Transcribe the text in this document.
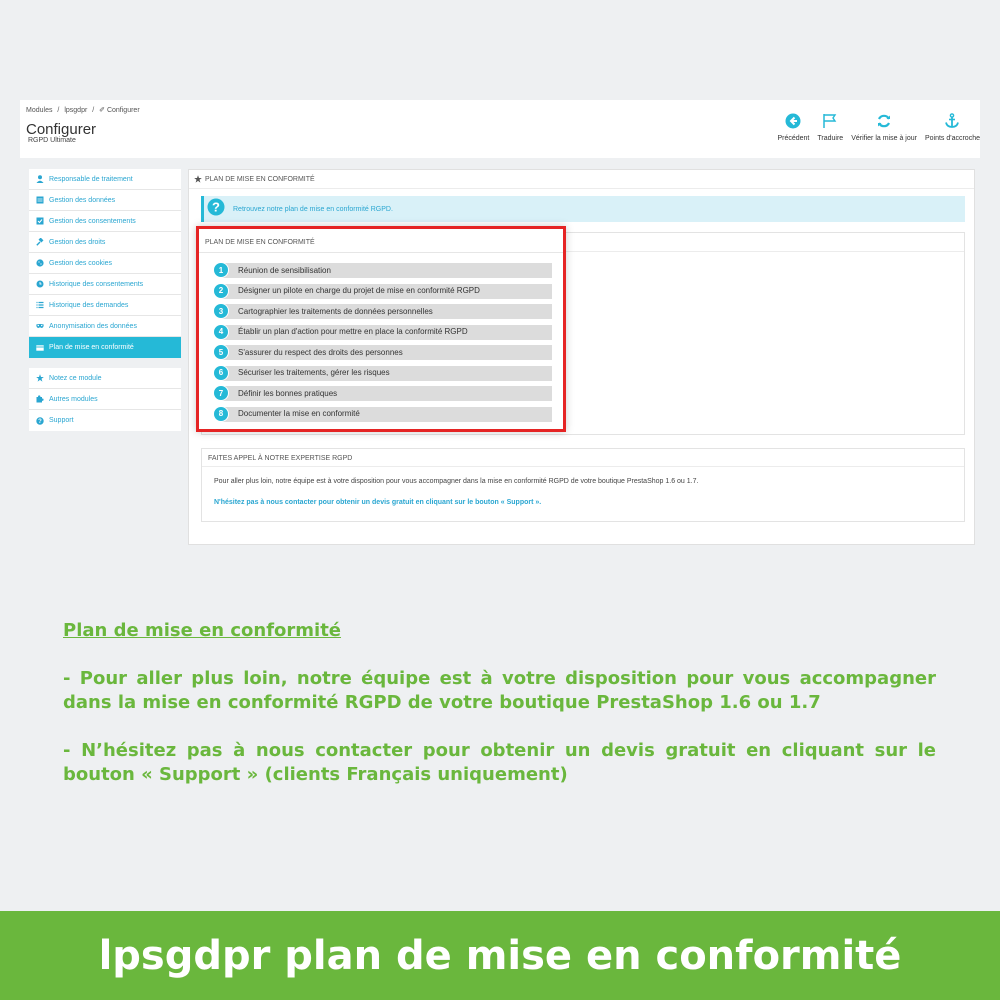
Modules / lpsgdpr / ✐ Configurer
Configurer
RGPD Ultimate	Précédent Traduire Vérifier la mise à jour Points d'accroche
Responsable de traitement
Gestion des données
Gestion des consentements
Gestion des droits
Gestion des cookies
Historique des consentements
Historique des demandes
Anonymisation des données
Plan de mise en conformité
Notez ce module
Autres modules
? Support
PLAN DE MISE EN CONFORMITÉ
? Retrouvez notre plan de mise en conformité RGPD.
FAITES APPEL À NOTRE EXPERTISE RGPD
Pour aller plus loin, notre équipe est à votre disposition pour vous accompagner dans la mise en conformité RGPD de votre boutique PrestaShop 1.6 ou 1.7.
N'hésitez pas à nous contacter pour obtenir un devis gratuit en cliquant sur le bouton « Support ».
PLAN DE MISE EN CONFORMITÉ
1	Réunion de sensibilisation
2	Désigner un pilote en charge du projet de mise en conformité RGPD
3	Cartographier les traitements de données personnelles
4	Établir un plan d'action pour mettre en place la conformité RGPD
5	S'assurer du respect des droits des personnes
6	Sécuriser les traitements, gérer les risques
7	Définir les bonnes pratiques
8	Documenter la mise en conformité
Plan de mise en conformité

- Pour aller plus loin, notre équipe est à votre disposition pour vous accompagner dans la mise en conformité RGPD de votre boutique PrestaShop 1.6 ou 1.7

- N’hésitez pas à nous contacter pour obtenir un devis gratuit en cliquant sur le bouton « Support » (clients Français uniquement)

lpsgdpr plan de mise en conformité
